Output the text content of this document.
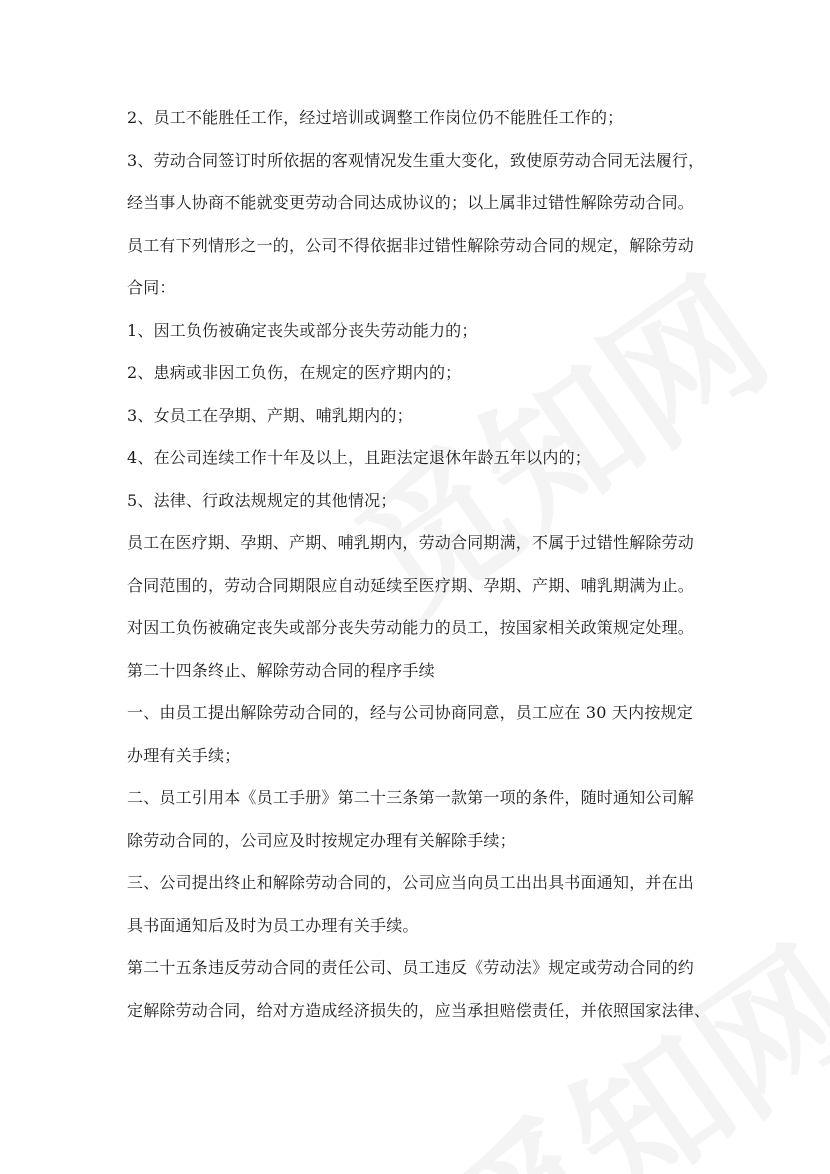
2、员工不能胜任工作，经过培训或调整工作岗位仍不能胜任工作的；
3、劳动合同签订时所依据的客观情况发生重大变化，致使原劳动合同无法履行，
经当事人协商不能就变更劳动合同达成协议的；以上属非过错性解除劳动合同。
员工有下列情形之一的，公司不得依据非过错性解除劳动合同的规定，解除劳动
合同：
1、因工负伤被确定丧失或部分丧失劳动能力的；
2、患病或非因工负伤，在规定的医疗期内的；
3、女员工在孕期、产期、哺乳期内的；
4、在公司连续工作十年及以上，且距法定退休年龄五年以内的；
5、法律、行政法规规定的其他情况；
员工在医疗期、孕期、产期、哺乳期内，劳动合同期满，不属于过错性解除劳动
合同范围的，劳动合同期限应自动延续至医疗期、孕期、产期、哺乳期满为止。
对因工负伤被确定丧失或部分丧失劳动能力的员工，按国家相关政策规定处理。
第二十四条终止、解除劳动合同的程序手续
一、由员工提出解除劳动合同的，经与公司协商同意，员工应在 30 天内按规定
办理有关手续；
二、员工引用本《员工手册》第二十三条第一款第一项的条件，随时通知公司解
除劳动合同的，公司应及时按规定办理有关解除手续；
三、公司提出终止和解除劳动合同的，公司应当向员工出出具书面通知，并在出
具书面通知后及时为员工办理有关手续。
第二十五条违反劳动合同的责任公司、员工违反《劳动法》规定或劳动合同的约
定解除劳动合同，给对方造成经济损失的，应当承担赔偿责任，并依照国家法律、
